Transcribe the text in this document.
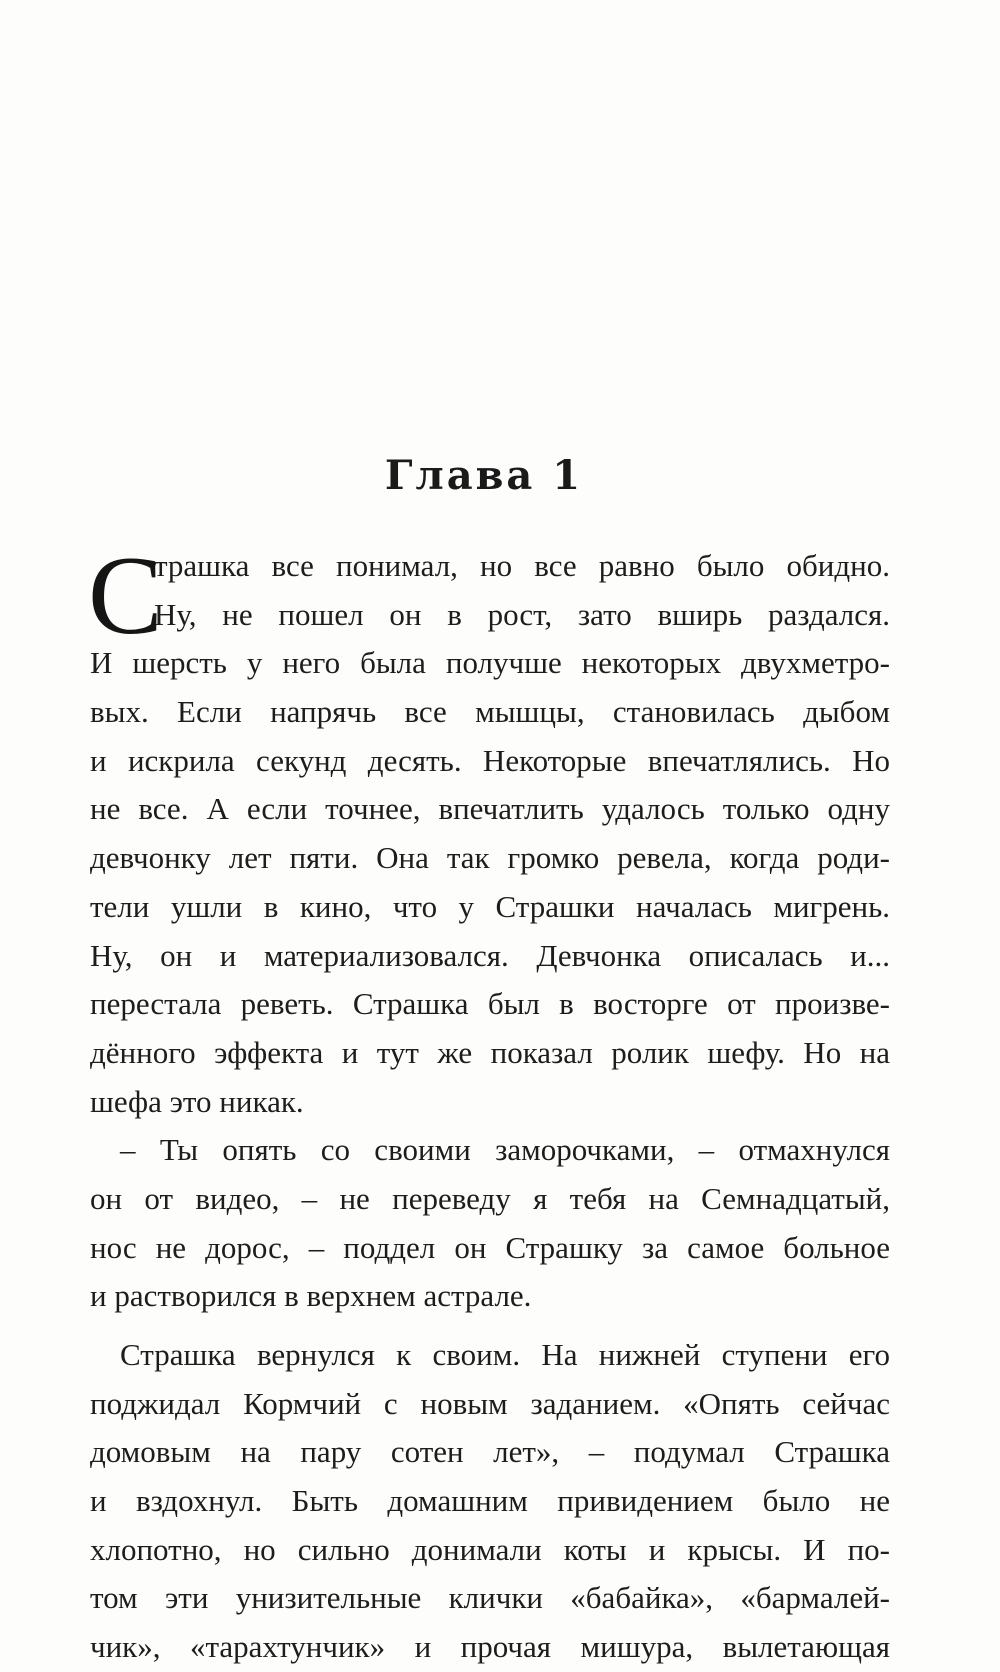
Глава 1
С
трашка все понимал, но все равно было обидно.
Ну, не пошел он в рост, зато вширь раздался.
И шерсть у него была получше некоторых двухметро-
вых. Если напрячь все мышцы, становилась дыбом
и искрила секунд десять. Некоторые впечатлялись. Но
не все. А если точнее, впечатлить удалось только одну
девчонку лет пяти. Она так громко ревела, когда роди-
тели ушли в кино, что у Страшки началась мигрень.
Ну, он и материализовался. Девчонка описалась и...
перестала реветь. Страшка был в восторге от произве-
дённого эффекта и тут же показал ролик шефу. Но на
шефа это никак.
– Ты опять со своими заморочками, – отмахнулся
он от видео, – не переведу я тебя на Семнадцатый,
нос не дорос, – поддел он Страшку за самое больное
и растворился в верхнем астрале.
Страшка вернулся к своим. На нижней ступени его
поджидал Кормчий с новым заданием. «Опять сейчас
домовым на пару сотен лет», – подумал Страшка
и вздохнул. Быть домашним привидением было не
хлопотно, но сильно донимали коты и крысы. И по-
том эти унизительные клички «бабайка», «бармалей-
чик», «тарахтунчик» и прочая мишура, вылетающая
